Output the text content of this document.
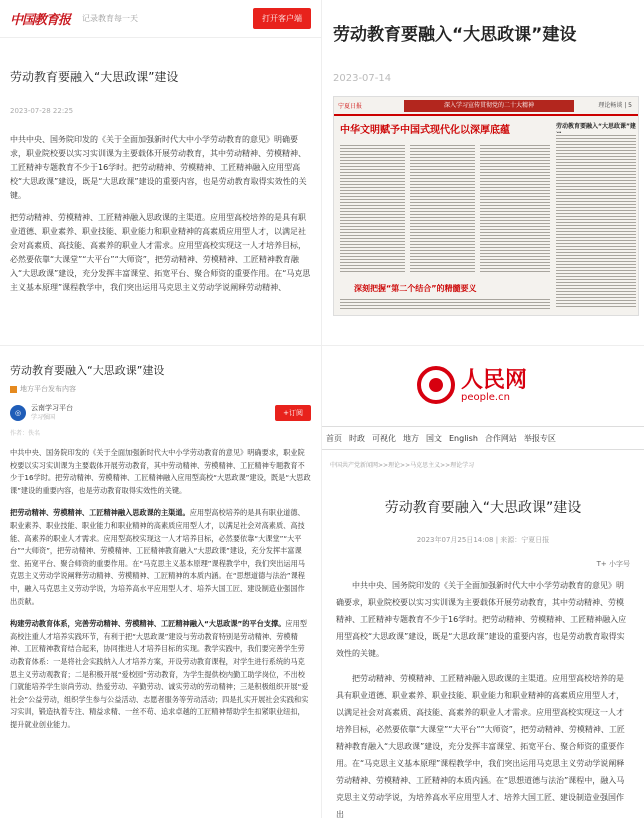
中国教育报 记录教育每一天	打开客户端
劳动教育要融入“大思政课”建设
2023-07-28 22:25

中共中央、国务院印发的《关于全面加强新时代大中小学劳动教育的意见》明确要求，职业院校要以实习实训课为主要载体开展劳动教育，其中劳动精神、劳模精神、工匠精神专题教育不少于16学时。把劳动精神、劳模精神、工匠精神融入应用型高校“大思政课”建设，既是“大思政课”建设的重要内容，也是劳动教育取得实效性的关键。

把劳动精神、劳模精神、工匠精神融入思政课的主渠道。应用型高校培养的是具有职业道德、职业素养、职业技能、职业能力和职业精神的高素质应用型人才，以满足社会对高素质、高技能、高素养的职业人才需求。应用型高校实现这一人才培养目标，必然要依靠“大课堂”“大平台”“大师资”，把劳动精神、劳模精神、工匠精神教育融入“大思政课”建设，充分发挥丰富课堂、拓宽平台、聚合师资的重要作用。在“马克思主义基本原理”课程教学中，我们突出运用马克思主义劳动学说阐释劳动精神、

劳动教育要融入“大思政课”建设
2023-07-14
宁夏日报	深入学习宣传贯彻党的二十大精神	理论畅谈 | 5
中华文明赋予中国式现代化以深厚底蕴	劳动教育要融入“大思政课”建
深刻把握“第二个结合”的精髓要义
劳动教育要融入“大思政课”建设
地方平台发布内容
◎
云南学习平台
学习强国
+订阅
作者：佚名

中共中央、国务院印发的《关于全面加强新时代大中小学劳动教育的意见》明确要求，职业院校要以实习实训课为主要载体开展劳动教育，其中劳动精神、劳模精神、工匠精神专题教育不少于16学时。把劳动精神、劳模精神、工匠精神融入应用型高校“大思政课”建设，既是“大思政课”建设的重要内容，也是劳动教育取得实效性的关键。

把劳动精神、劳模精神、工匠精神融入思政课的主渠道。应用型高校培养的是具有职业道德、职业素养、职业技能、职业能力和职业精神的高素质应用型人才，以满足社会对高素质、高技能、高素养的职业人才需求。应用型高校实现这一人才培养目标，必然要依靠“大课堂”“大平台”“大师资”，把劳动精神、劳模精神、工匠精神教育融入“大思政课”建设，充分发挥丰富课堂、拓宽平台、聚合师资的重要作用。在“马克思主义基本原理”课程教学中，我们突出运用马克思主义劳动学说阐释劳动精神、劳模精神、工匠精神的本质内涵。在“思想道德与法治”课程中，融入马克思主义劳动学说，为培养高水平应用型人才、培养大国工匠、建设制造业强国作出贡献。

构建劳动教育体系，完善劳动精神、劳模精神、工匠精神融入“大思政课”的平台支撑。应用型高校注重人才培养实践环节，有利于把“大思政课”建设与劳动教育特别是劳动精神、劳模精神、工匠精神教育结合起来，协同推进人才培养目标的实现。教学实践中，我们要完善学生劳动教育体系：一是将社会实践纳入人才培养方案，开设劳动教育课程，对学生进行系统的马克思主义劳动观教育；二是积极开展“爱校园”劳动教育，为学生提供校内勤工助学岗位，不出校门就能培养学生崇尚劳动、热爱劳动、辛勤劳动、诚实劳动的劳动精神；三是积极组织开展“爱社会”公益劳动，组织学生参与公益活动、志愿者服务等劳动活动；四是扎实开展社会实践和实习实训，锻造执着专注、精益求精、一丝不苟、追求卓越的工匠精神帮助学生扣紧职业纽扣，提升就业创业能力。

人民网
people.cn
首页 时政 可视化 地方 国文 English 合作网站 举报专区
中国共产党新闻网>>理论>>马克思主义>>理论学习
劳动教育要融入“大思政课”建设
2023年07月25日14:08 | 来源：宁夏日报
T+ 小字号

中共中央、国务院印发的《关于全面加强新时代大中小学劳动教育的意见》明确要求，职业院校要以实习实训课为主要载体开展劳动教育，其中劳动精神、劳模精神、工匠精神专题教育不少于16学时。把劳动精神、劳模精神、工匠精神融入应用型高校“大思政课”建设，既是“大思政课”建设的重要内容，也是劳动教育取得实效性的关键。

把劳动精神、劳模精神、工匠精神融入思政课的主渠道。应用型高校培养的是具有职业道德、职业素养、职业技能、职业能力和职业精神的高素质应用型人才，以满足社会对高素质、高技能、高素养的职业人才需求。应用型高校实现这一人才培养目标，必然要依靠“大课堂”“大平台”“大师资”，把劳动精神、劳模精神、工匠精神教育融入“大思政课”建设，充分发挥丰富课堂、拓宽平台、聚合师资的重要作用。在“马克思主义基本原理”课程教学中，我们突出运用马克思主义劳动学说阐释劳动精神、劳模精神、工匠精神的本质内涵。在“思想道德与法治”课程中，融入马克思主义劳动学说，为培养高水平应用型人才、培养大国工匠、建设制造业强国作出
